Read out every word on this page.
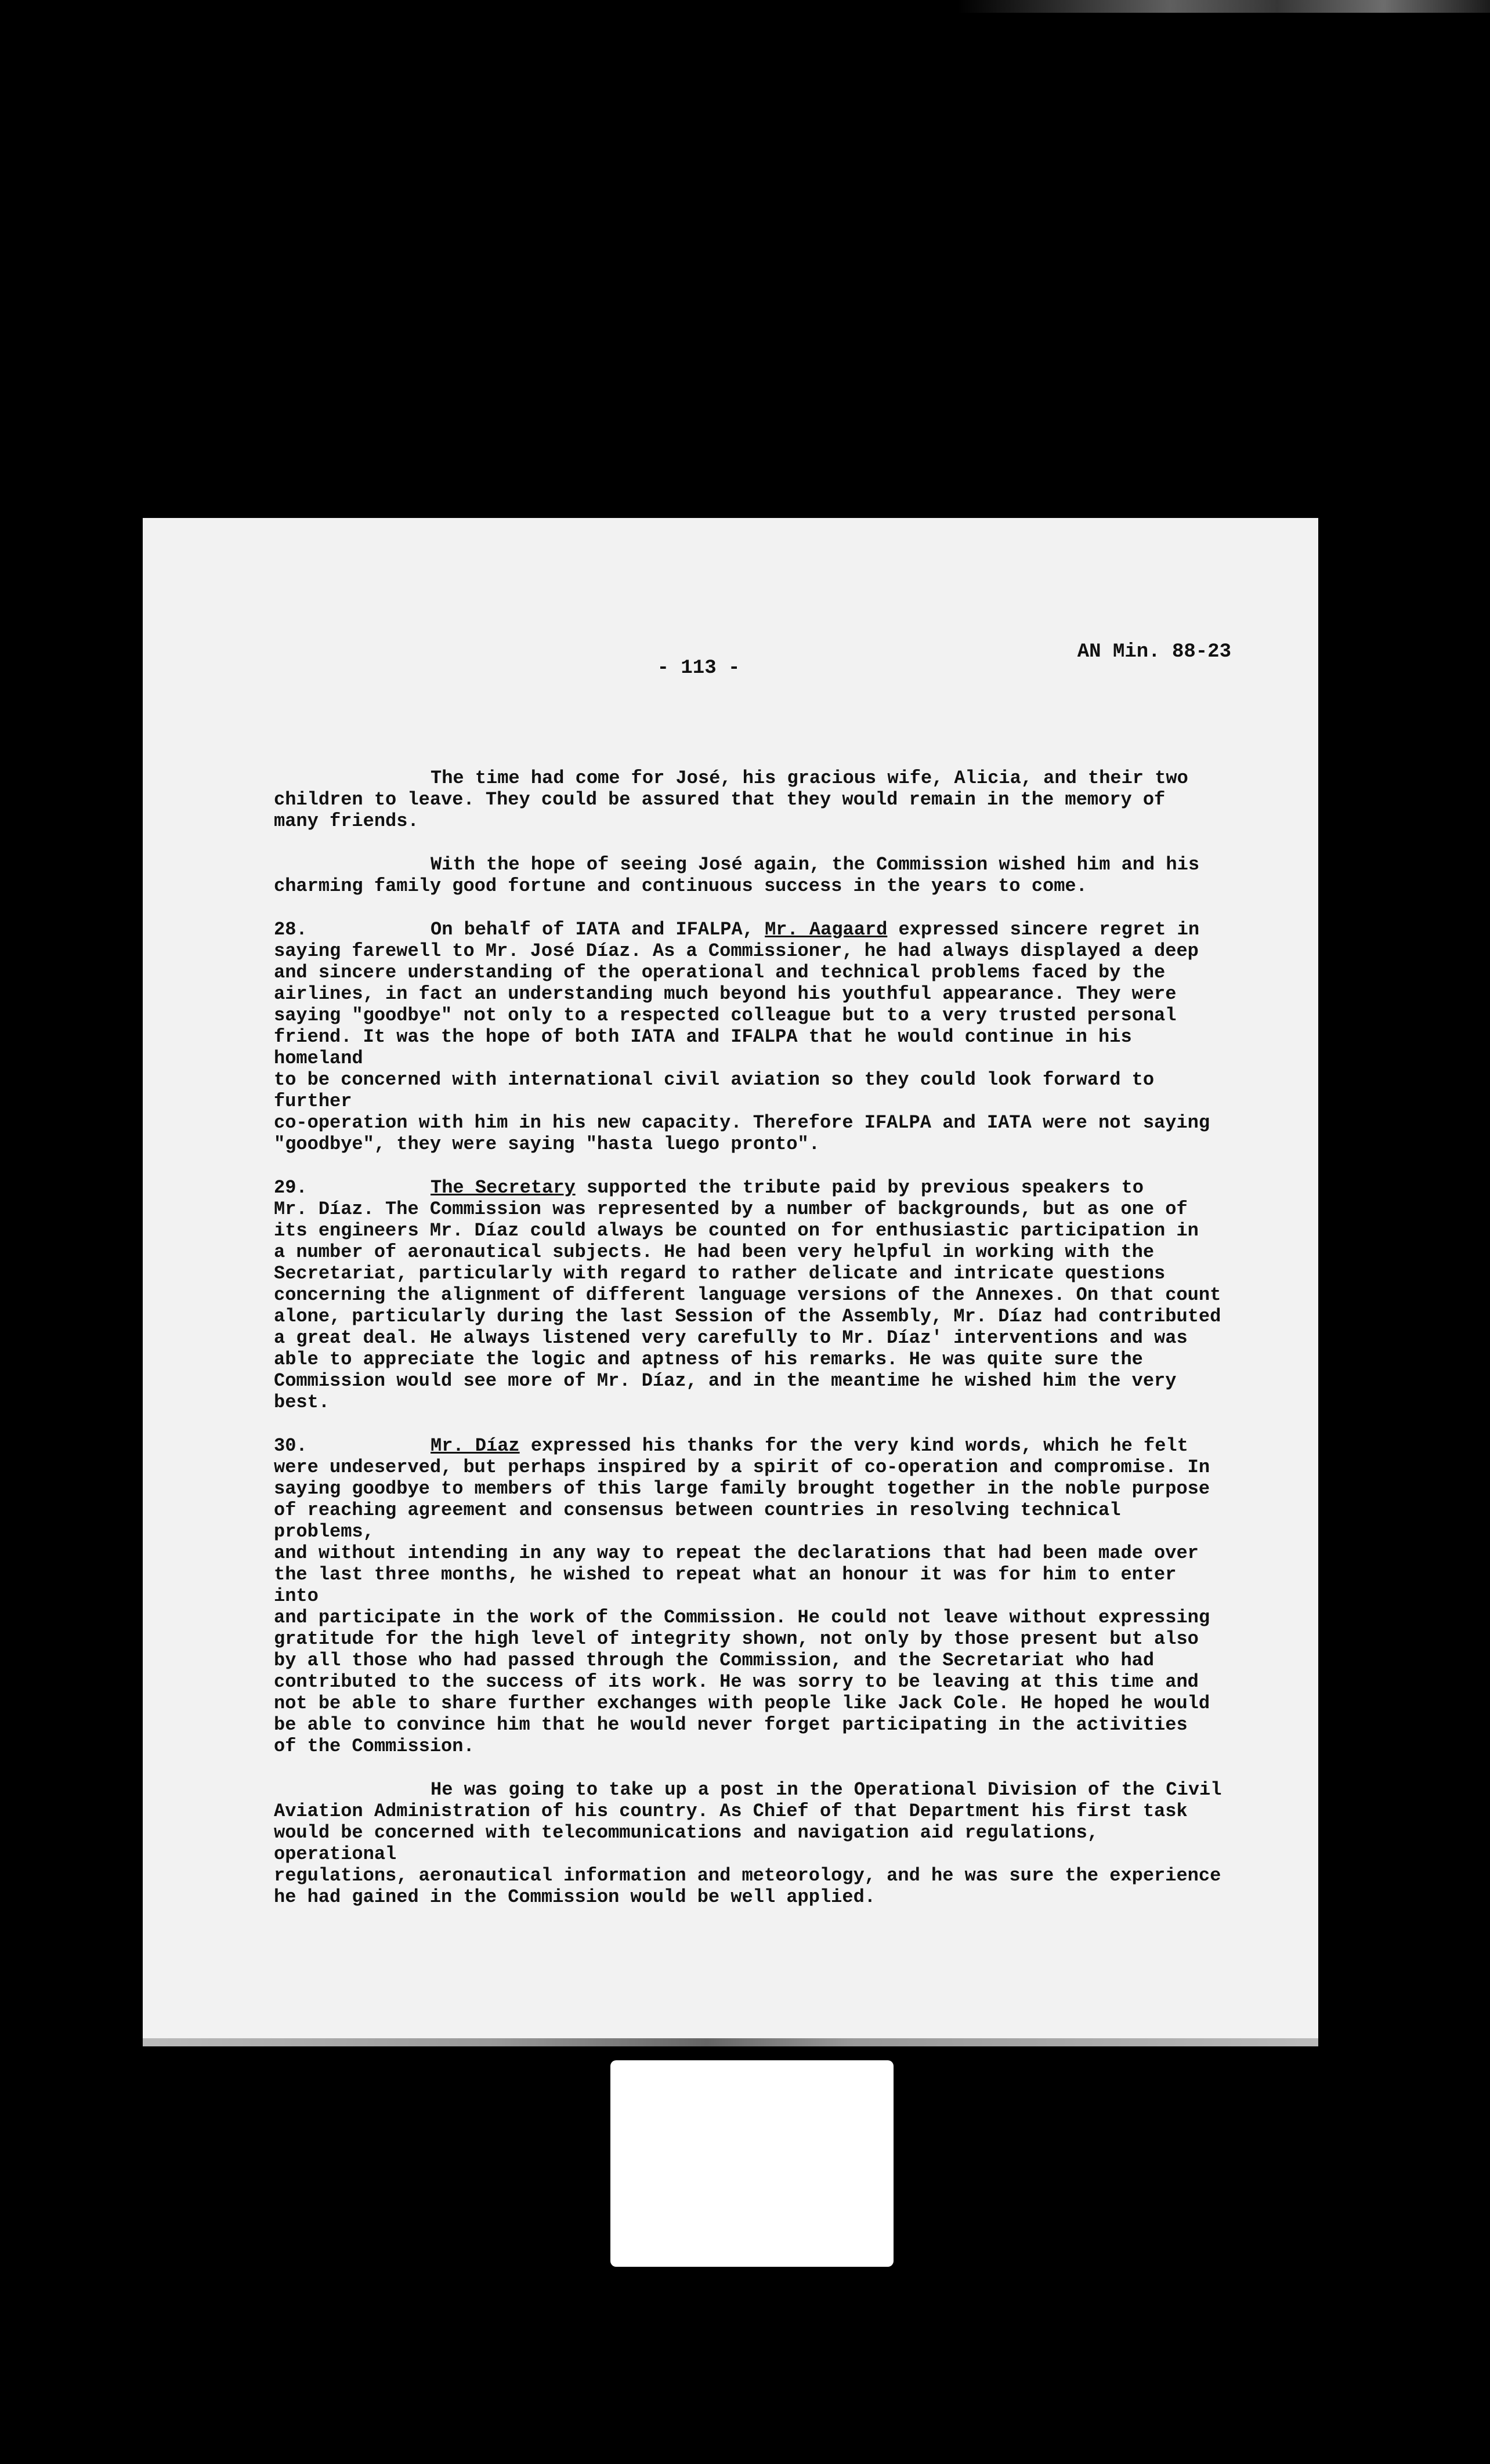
AN Min. 88-23
- 113 -

The time had come for José, his gracious wife, Alicia, and their two
children to leave. They could be assured that they would remain in the memory of
many friends.

With the hope of seeing José again, the Commission wished him and his
charming family good fortune and continuous success in the years to come.

28.	On behalf of IATA and IFALPA, Mr. Aagaard expressed sincere regret in
saying farewell to Mr. José Díaz. As a Commissioner, he had always displayed a deep
and sincere understanding of the operational and technical problems faced by the
airlines, in fact an understanding much beyond his youthful appearance. They were
saying "goodbye" not only to a respected colleague but to a very trusted personal
friend. It was the hope of both IATA and IFALPA that he would continue in his homeland
to be concerned with international civil aviation so they could look forward to further
co-operation with him in his new capacity. Therefore IFALPA and IATA were not saying
"goodbye", they were saying "hasta luego pronto".

29.	The Secretary supported the tribute paid by previous speakers to
Mr. Díaz. The Commission was represented by a number of backgrounds, but as one of
its engineers Mr. Díaz could always be counted on for enthusiastic participation in
a number of aeronautical subjects. He had been very helpful in working with the
Secretariat, particularly with regard to rather delicate and intricate questions
concerning the alignment of different language versions of the Annexes. On that count
alone, particularly during the last Session of the Assembly, Mr. Díaz had contributed
a great deal. He always listened very carefully to Mr. Díaz' interventions and was
able to appreciate the logic and aptness of his remarks. He was quite sure the
Commission would see more of Mr. Díaz, and in the meantime he wished him the very best.

30.	Mr. Díaz expressed his thanks for the very kind words, which he felt
were undeserved, but perhaps inspired by a spirit of co-operation and compromise. In
saying goodbye to members of this large family brought together in the noble purpose
of reaching agreement and consensus between countries in resolving technical problems,
and without intending in any way to repeat the declarations that had been made over
the last three months, he wished to repeat what an honour it was for him to enter into
and participate in the work of the Commission. He could not leave without expressing
gratitude for the high level of integrity shown, not only by those present but also
by all those who had passed through the Commission, and the Secretariat who had
contributed to the success of its work. He was sorry to be leaving at this time and
not be able to share further exchanges with people like Jack Cole. He hoped he would
be able to convince him that he would never forget participating in the activities
of the Commission.

He was going to take up a post in the Operational Division of the Civil
Aviation Administration of his country. As Chief of that Department his first task
would be concerned with telecommunications and navigation aid regulations, operational
regulations, aeronautical information and meteorology, and he was sure the experience
he had gained in the Commission would be well applied.
